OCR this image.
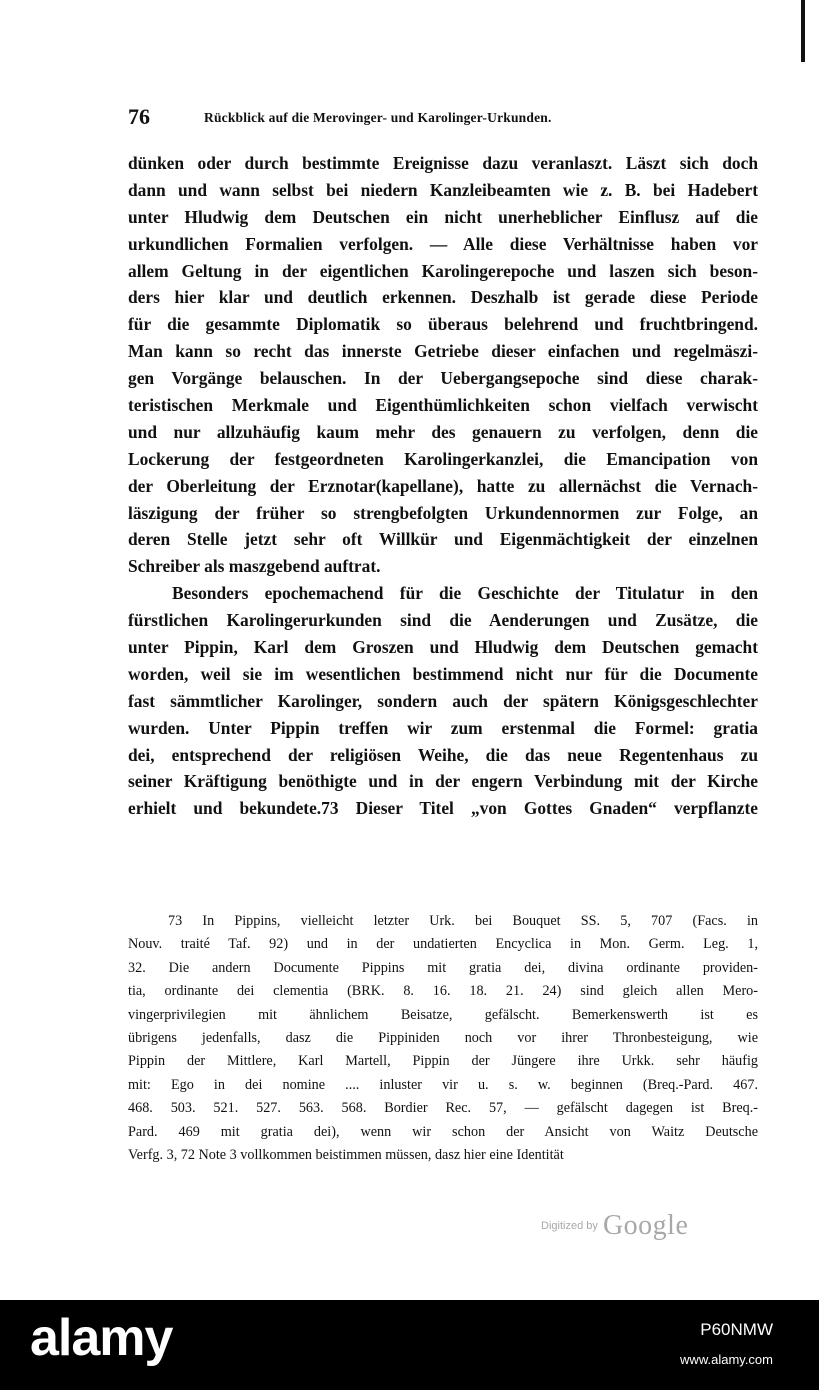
76	Rückblick auf die Merovinger- und Karolinger-Urkunden.
dünken oder durch bestimmte Ereignisse dazu veranlaszt. Läszt sich doch
dann und wann selbst bei niedern Kanzleibeamten wie z. B. bei Hadebert
unter Hludwig dem Deutschen ein nicht unerheblicher Einflusz auf die
urkundlichen Formalien verfolgen. — Alle diese Verhältnisse haben vor
allem Geltung in der eigentlichen Karolingerepoche und laszen sich beson-
ders hier klar und deutlich erkennen. Deszhalb ist gerade diese Periode
für die gesammte Diplomatik so überaus belehrend und fruchtbringend.
Man kann so recht das innerste Getriebe dieser einfachen und regelmäszi-
gen Vorgänge belauschen. In der Uebergangsepoche sind diese charak-
teristischen Merkmale und Eigenthümlichkeiten schon vielfach verwischt
und nur allzuhäufig kaum mehr des genauern zu verfolgen, denn die
Lockerung der festgeordneten Karolingerkanzlei, die Emancipation von
der Oberleitung der Erznotar(kapellane), hatte zu allernächst die Vernach-
läszigung der früher so strengbefolgten Urkundennormen zur Folge, an
deren Stelle jetzt sehr oft Willkür und Eigenmächtigkeit der einzelnen
Schreiber als maszgebend auftrat.
Besonders epochemachend für die Geschichte der Titulatur in den
fürstlichen Karolingerurkunden sind die Aenderungen und Zusätze, die
unter Pippin, Karl dem Groszen und Hludwig dem Deutschen gemacht
worden, weil sie im wesentlichen bestimmend nicht nur für die Documente
fast sämmtlicher Karolinger, sondern auch der spätern Königsgeschlechter
wurden. Unter Pippin treffen wir zum erstenmal die Formel: gratia
dei, entsprechend der religiösen Weihe, die das neue Regentenhaus zu
seiner Kräftigung benöthigte und in der engern Verbindung mit der Kirche
erhielt und bekundete.73 Dieser Titel „von Gottes Gnaden“ verpflanzte
73 In Pippins, vielleicht letzter Urk. bei Bouquet SS. 5, 707 (Facs. in
Nouv. traité Taf. 92) und in der undatierten Encyclica in Mon. Germ. Leg. 1,
32. Die andern Documente Pippins mit gratia dei, divina ordinante providen-
tia, ordinante dei clementia (BRK. 8. 16. 18. 21. 24) sind gleich allen Mero-
vingerprivilegien mit ähnlichem Beisatze, gefälscht. Bemerkenswerth ist es
übrigens jedenfalls, dasz die Pippiniden noch vor ihrer Thronbesteigung, wie
Pippin der Mittlere, Karl Martell, Pippin der Jüngere ihre Urkk. sehr häufig
mit: Ego in dei nomine .... inluster vir u. s. w. beginnen (Breq.-Pard. 467.
468. 503. 521. 527. 563. 568. Bordier Rec. 57, — gefälscht dagegen ist Breq.-
Pard. 469 mit gratia dei), wenn wir schon der Ansicht von Waitz Deutsche
Verfg. 3, 72 Note 3 vollkommen beistimmen müssen, dasz hier eine Identität
Digitized by Google
alamy	P60NMW
www.alamy.com
